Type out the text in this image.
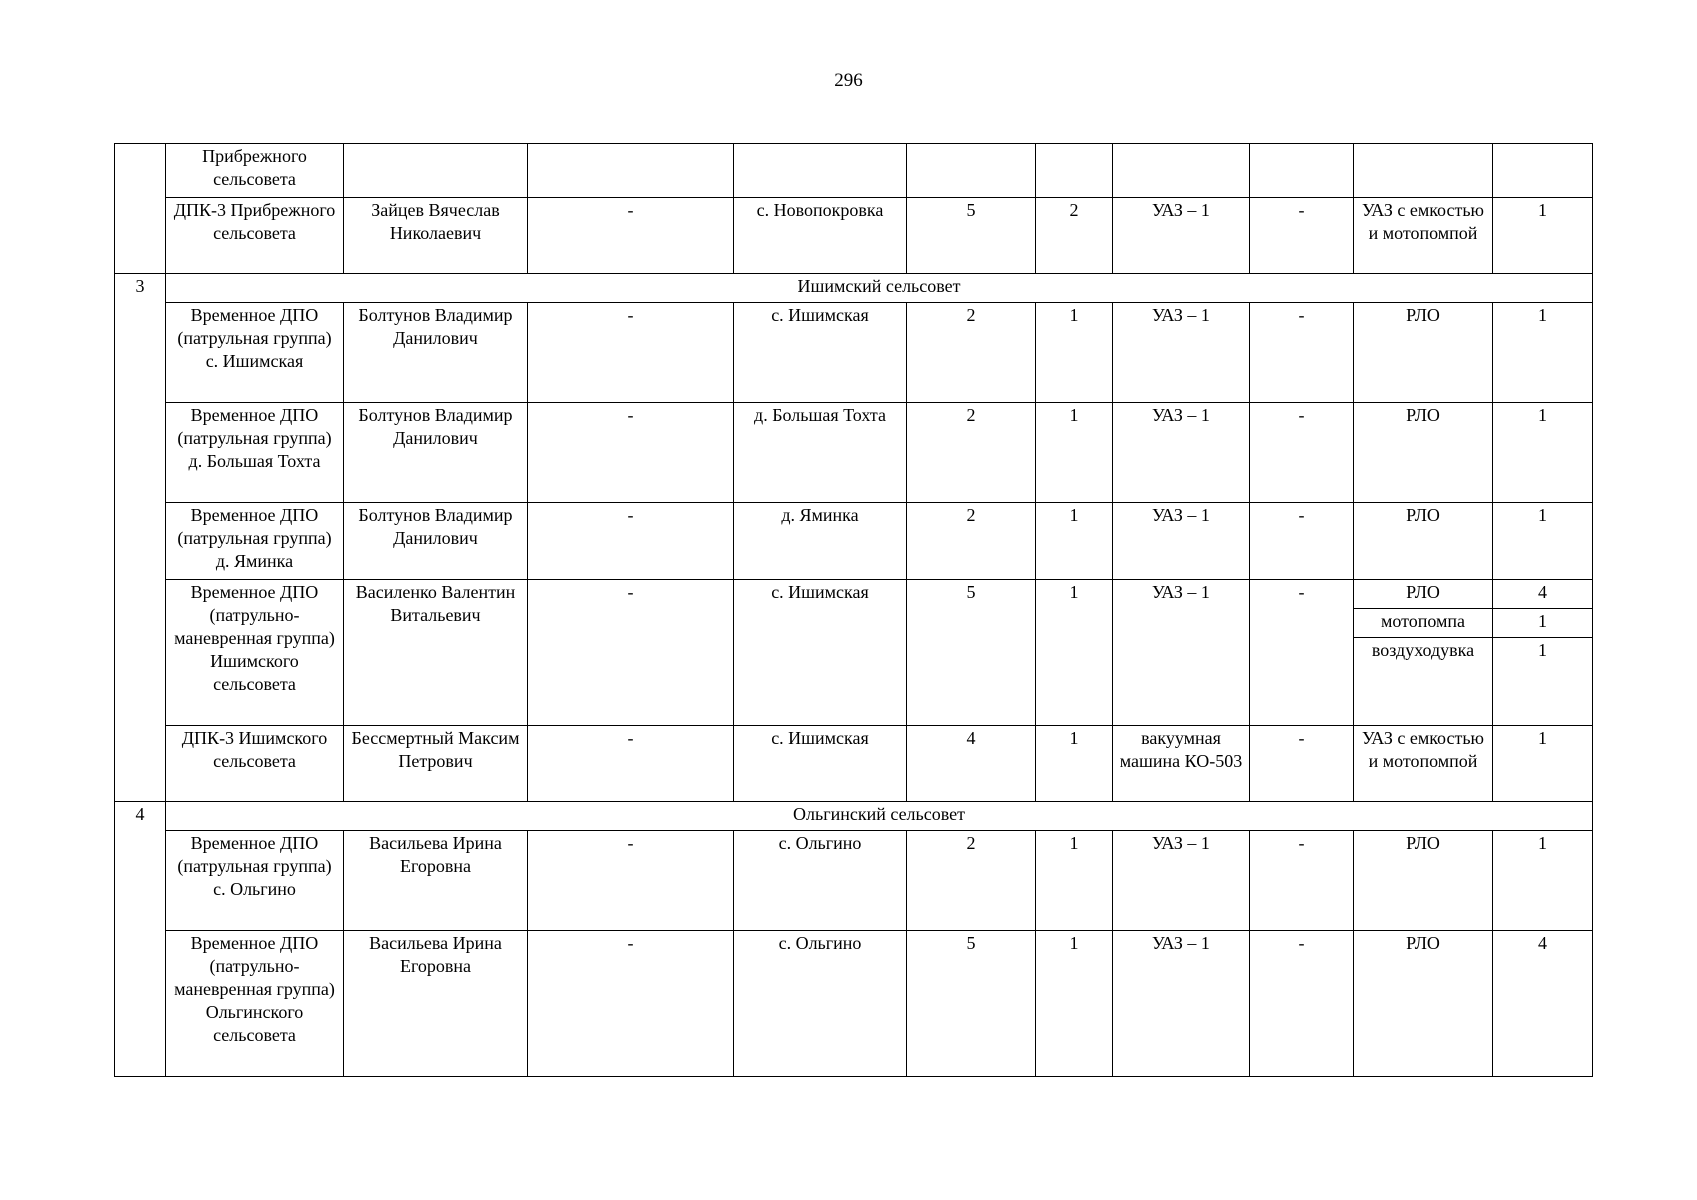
296
	Прибрежного сельсовета									
	ДПК-3 Прибрежного сельсовета	Зайцев Вячеслав Николаевич	-	с. Новопокровка	5	2	УАЗ – 1	-	УАЗ с емкостью и мотопомпой	1
3	Ишимский сельсовет									
	Временное ДПО (патрульная группа) с. Ишимская	Болтунов Владимир Данилович	-	с. Ишимская	2	1	УАЗ – 1	-	РЛО	1
	Временное ДПО (патрульная группа) д. Большая Тохта	Болтунов Владимир Данилович	-	д. Большая Тохта	2	1	УАЗ – 1	-	РЛО	1
	Временное ДПО (патрульная группа) д. Яминка	Болтунов Владимир Данилович	-	д. Яминка	2	1	УАЗ – 1	-	РЛО	1
	Временное ДПО (патрульно-маневренная группа) Ишимского сельсовета	Василенко Валентин Витальевич	-	с. Ишимская	5	1	УАЗ – 1	-	РЛО	4
									мотопомпа	1
									воздуходувка	1
	ДПК-3 Ишимского сельсовета	Бессмертный Максим Петрович	-	с. Ишимская	4	1	вакуумная машина КО-503	-	УАЗ с емкостью и мотопомпой	1

4	Ольгинский сельсовет									
	Временное ДПО (патрульная группа) с. Ольгино	Васильева Ирина Егоровна	-	с. Ольгино	2	1	УАЗ – 1	-	РЛО	1
	Временное ДПО (патрульно-маневренная группа) Ольгинского сельсовета	Васильева Ирина Егоровна	-	с. Ольгино	5	1	УАЗ – 1	-	РЛО	4
